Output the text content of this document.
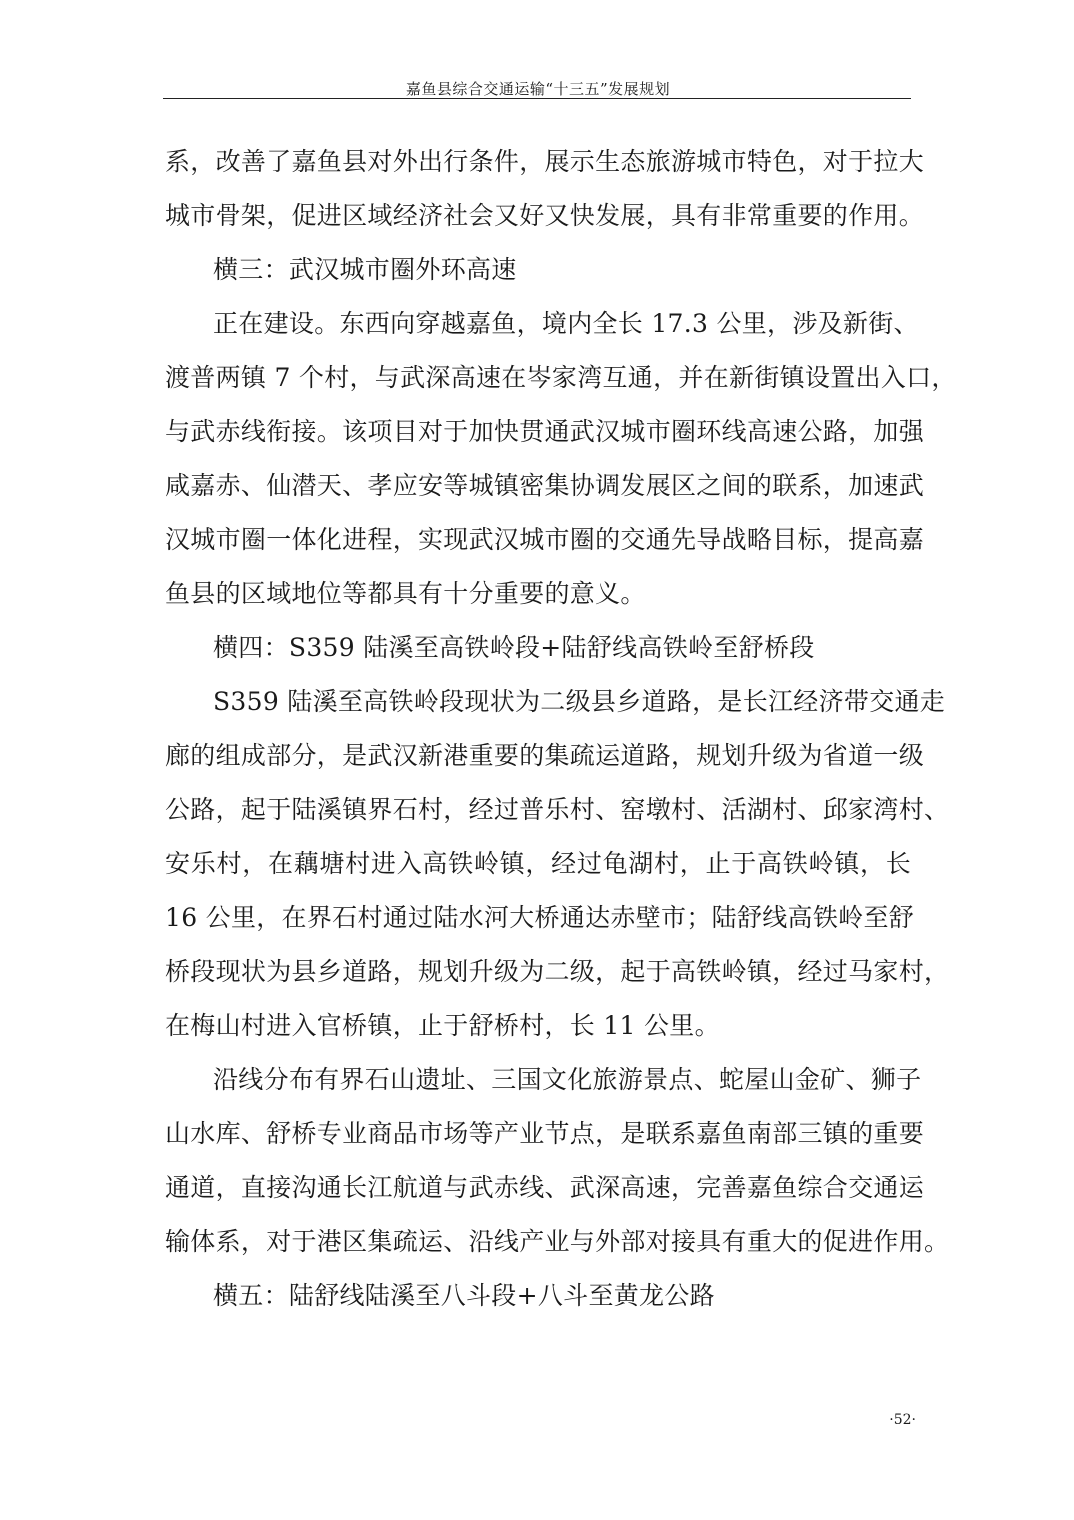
嘉鱼县综合交通运输“十三五”发展规划
系，改善了嘉鱼县对外出行条件，展示生态旅游城市特色，对于拉大
城市骨架，促进区域经济社会又好又快发展，具有非常重要的作用。
横三：武汉城市圈外环高速
正在建设。东西向穿越嘉鱼，境内全长 17.3 公里，涉及新街、
渡普两镇 7 个村，与武深高速在岑家湾互通，并在新街镇设置出入口，
与武赤线衔接。该项目对于加快贯通武汉城市圈环线高速公路，加强
咸嘉赤、仙潜天、孝应安等城镇密集协调发展区之间的联系，加速武
汉城市圈一体化进程，实现武汉城市圈的交通先导战略目标，提高嘉
鱼县的区域地位等都具有十分重要的意义。
横四：S359 陆溪至高铁岭段+陆舒线高铁岭至舒桥段
S359 陆溪至高铁岭段现状为二级县乡道路，是长江经济带交通走
廊的组成部分，是武汉新港重要的集疏运道路，规划升级为省道一级
公路，起于陆溪镇界石村，经过普乐村、窑墩村、活湖村、邱家湾村、
安乐村，在藕塘村进入高铁岭镇，经过龟湖村，止于高铁岭镇，长
16 公里，在界石村通过陆水河大桥通达赤壁市；陆舒线高铁岭至舒
桥段现状为县乡道路，规划升级为二级，起于高铁岭镇，经过马家村，
在梅山村进入官桥镇，止于舒桥村，长 11 公里。
沿线分布有界石山遗址、三国文化旅游景点、蛇屋山金矿、狮子
山水库、舒桥专业商品市场等产业节点，是联系嘉鱼南部三镇的重要
通道，直接沟通长江航道与武赤线、武深高速，完善嘉鱼综合交通运
输体系，对于港区集疏运、沿线产业与外部对接具有重大的促进作用。
横五：陆舒线陆溪至八斗段+八斗至黄龙公路
·52·
